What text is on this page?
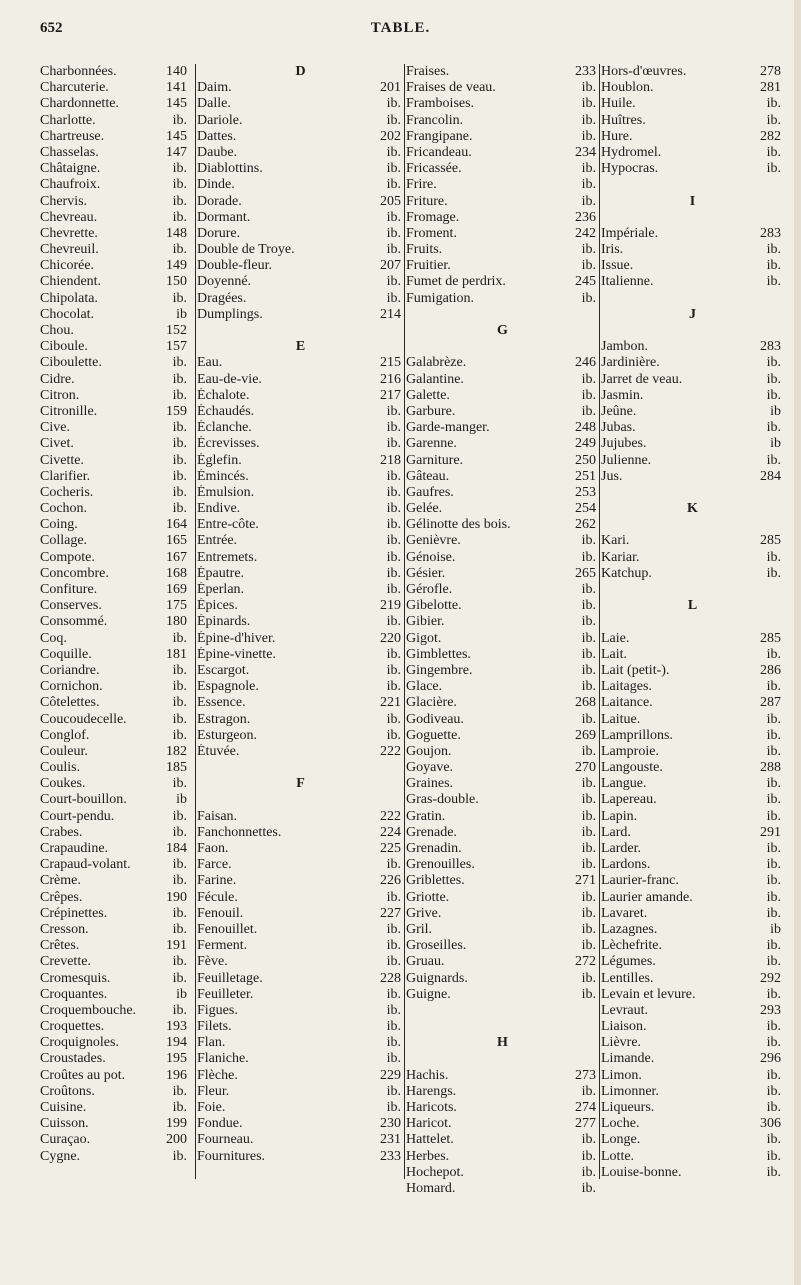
652	TABLE.
Charbonnées.	140
Charcuterie.	141
Chardonnette.	145
Charlotte.	ib.
Chartreuse.	145
Chasselas.	147
Châtaigne.	ib.
Chaufroix.	ib.
Chervis.	ib.
Chevreau.	ib.
Chevrette.	148
Chevreuil.	ib.
Chicorée.	149
Chiendent.	150
Chipolata.	ib.
Chocolat.	ib
Chou.	152
Ciboule.	157
Ciboulette.	ib.
Cidre.	ib.
Citron.	ib.
Citronille.	159
Cive.	ib.
Civet.	ib.
Civette.	ib.
Clarifier.	ib.
Cocheris.	ib.
Cochon.	ib.
Coing.	164
Collage.	165
Compote.	167
Concombre.	168
Confiture.	169
Conserves.	175
Consommé.	180
Coq.	ib.
Coquille.	181
Coriandre.	ib.
Cornichon.	ib.
Côtelettes.	ib.
Coucoudecelle.	ib.
Conglof.	ib.
Couleur.	182
Coulis.	185
Coukes.	ib.
Court-bouillon.	ib
Court-pendu.	ib.
Crabes.	ib.
Crapaudine.	184
Crapaud-volant.	ib.
Crème.	ib.
Crêpes.	190
Crépinettes.	ib.
Cresson.	ib.
Crêtes.	191
Crevette.	ib.
Cromesquis.	ib.
Croquantes.	ib
Croquembouche.	ib.
Croquettes.	193
Croquignoles.	194
Croustades.	195
Croûtes au pot.	196
Croûtons.	ib.
Cuisine.	ib.
Cuisson.	199
Curaçao.	200
Cygne.	ib.
D
Daim.	201
Dalle.	ib.
Dariole.	ib.
Dattes.	202
Daube.	ib.
Diablottins.	ib.
Dinde.	ib.
Dorade.	205
Dormant.	ib.
Dorure.	ib.
Double de Troye.	ib.
Double-fleur.	207
Doyenné.	ib.
Dragées.	ib.
Dumplings.	214
E
Eau.	215
Eau-de-vie.	216
Échalote.	217
Échaudés.	ib.
Éclanche.	ib.
Écrevisses.	ib.
Églefin.	218
Émincés.	ib.
Émulsion.	ib.
Endive.	ib.
Entre-côte.	ib.
Entrée.	ib.
Entremets.	ib.
Épautre.	ib.
Éperlan.	ib.
Épices.	219
Épinards.	ib.
Épine-d'hiver.	220
Épine-vinette.	ib.
Escargot.	ib.
Espagnole.	ib.
Essence.	221
Estragon.	ib.
Esturgeon.	ib.
Étuvée.	222
F
Faisan.	222
Fanchonnettes.	224
Faon.	225
Farce.	ib.
Farine.	226
Fécule.	ib.
Fenouil.	227
Fenouillet.	ib.
Ferment.	ib.
Fève.	ib.
Feuilletage.	228
Feuilleter.	ib.
Figues.	ib.
Filets.	ib.
Flan.	ib.
Flaniche.	ib.
Flèche.	229
Fleur.	ib.
Foie.	ib.
Fondue.	230
Fourneau.	231
Fournitures.	233
Fraises.	233
Fraises de veau.	ib.
Framboises.	ib.
Francolin.	ib.
Frangipane.	ib.
Fricandeau.	234
Fricassée.	ib.
Frire.	ib.
Friture.	ib.
Fromage.	236
Froment.	242
Fruits.	ib.
Fruitier.	ib.
Fumet de perdrix.	245
Fumigation.	ib.
G
Galabrèze.	246
Galantine.	ib.
Galette.	ib.
Garbure.	ib.
Garde-manger.	248
Garenne.	249
Garniture.	250
Gâteau.	251
Gaufres.	253
Gelée.	254
Gélinotte des bois.	262
Genièvre.	ib.
Génoise.	ib.
Gésier.	265
Gérofle.	ib.
Gibelotte.	ib.
Gibier.	ib.
Gigot.	ib.
Gimblettes.	ib.
Gingembre.	ib.
Glace.	ib.
Glacière.	268
Godiveau.	ib.
Goguette.	269
Goujon.	ib.
Goyave.	270
Graines.	ib.
Gras-double.	ib.
Gratin.	ib.
Grenade.	ib.
Grenadin.	ib.
Grenouilles.	ib.
Griblettes.	271
Griotte.	ib.
Grive.	ib.
Gril.	ib.
Groseilles.	ib.
Gruau.	272
Guignards.	ib.
Guigne.	ib.
H
Hachis.	273
Harengs.	ib.
Haricots.	274
Haricot.	277
Hattelet.	ib.
Herbes.	ib.
Hochepot.	ib.
Homard.	ib.
Hors-d'œuvres.	278
Houblon.	281
Huile.	ib.
Huîtres.	ib.
Hure.	282
Hydromel.	ib.
Hypocras.	ib.
I
Impériale.	283
Iris.	ib.
Issue.	ib.
Italienne.	ib.
J
Jambon.	283
Jardinière.	ib.
Jarret de veau.	ib.
Jasmin.	ib.
Jeûne.	ib
Jubas.	ib.
Jujubes.	ib
Julienne.	ib.
Jus.	284
K
Kari.	285
Kariar.	ib.
Katchup.	ib.
L
Laie.	285
Lait.	ib.
Lait (petit-).	286
Laitages.	ib.
Laitance.	287
Laitue.	ib.
Lamprillons.	ib.
Lamproie.	ib.
Langouste.	288
Langue.	ib.
Lapereau.	ib.
Lapin.	ib.
Lard.	291
Larder.	ib.
Lardons.	ib.
Laurier-franc.	ib.
Laurier amande.	ib.
Lavaret.	ib.
Lazagnes.	ib
Lèchefrite.	ib.
Légumes.	ib.
Lentilles.	292
Levain et levure.	ib.
Levraut.	293
Liaison.	ib.
Lièvre.	ib.
Limande.	296
Limon.	ib.
Limonner.	ib.
Liqueurs.	ib.
Loche.	306
Longe.	ib.
Lotte.	ib.
Louise-bonne.	ib.
